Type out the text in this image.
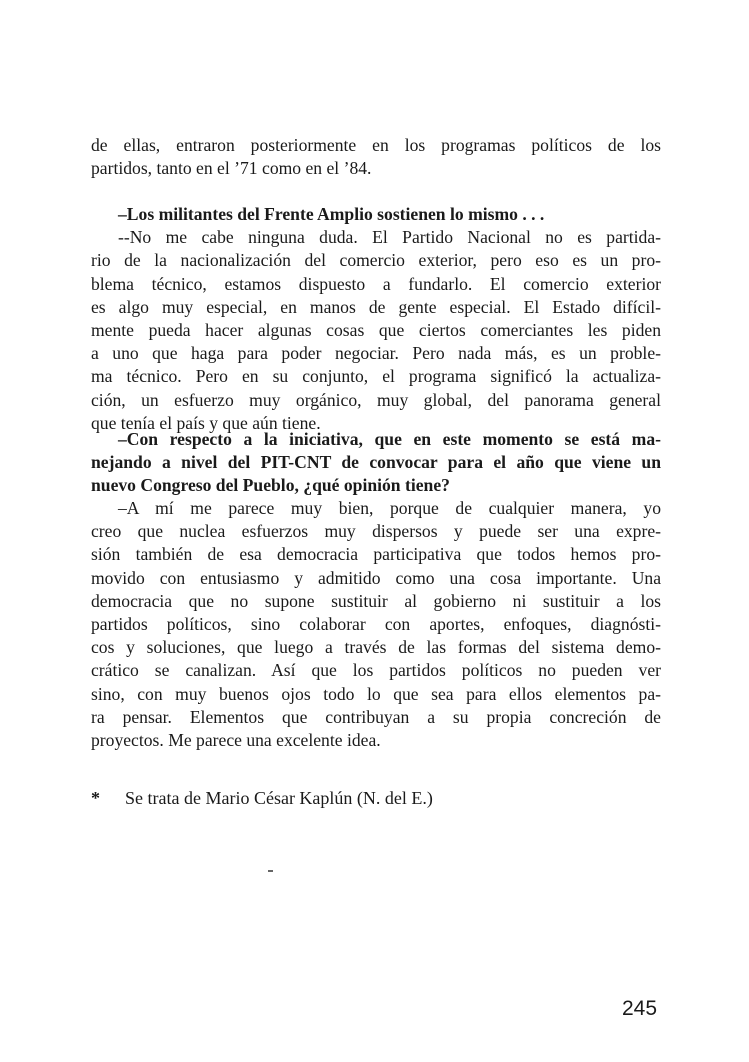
de ellas, entraron posteriormente en los programas políticos de los
partidos, tanto en el ’71 como en el ’84.
–Los militantes del Frente Amplio sostienen lo mismo . . .
--No me cabe ninguna duda. El Partido Nacional no es partida-
rio de la nacionalización del comercio exterior, pero eso es un pro-
blema técnico, estamos dispuesto a fundarlo. El comercio exterior
es algo muy especial, en manos de gente especial. El Estado difícil-
mente pueda hacer algunas cosas que ciertos comerciantes les piden
a uno que haga para poder negociar. Pero nada más, es un proble-
ma técnico. Pero en su conjunto, el programa significó la actualiza-
ción, un esfuerzo muy orgánico, muy global, del panorama general
que tenía el país y que aún tiene.
–Con respecto a la iniciativa, que en este momento se está ma-
nejando a nivel del PIT-CNT de convocar para el año que viene un
nuevo Congreso del Pueblo, ¿qué opinión tiene?
–A mí me parece muy bien, porque de cualquier manera, yo
creo que nuclea esfuerzos muy dispersos y puede ser una expre-
sión también de esa democracia participativa que todos hemos pro-
movido con entusiasmo y admitido como una cosa importante. Una
democracia que no supone sustituir al gobierno ni sustituir a los
partidos políticos, sino colaborar con aportes, enfoques, diagnósti-
cos y soluciones, que luego a través de las formas del sistema demo-
crático se canalizan. Así que los partidos políticos no pueden ver
sino, con muy buenos ojos todo lo que sea para ellos elementos pa-
ra pensar. Elementos que contribuyan a su propia concreción de
proyectos. Me parece una excelente idea.
* Se trata de Mario César Kaplún (N. del E.)
245
